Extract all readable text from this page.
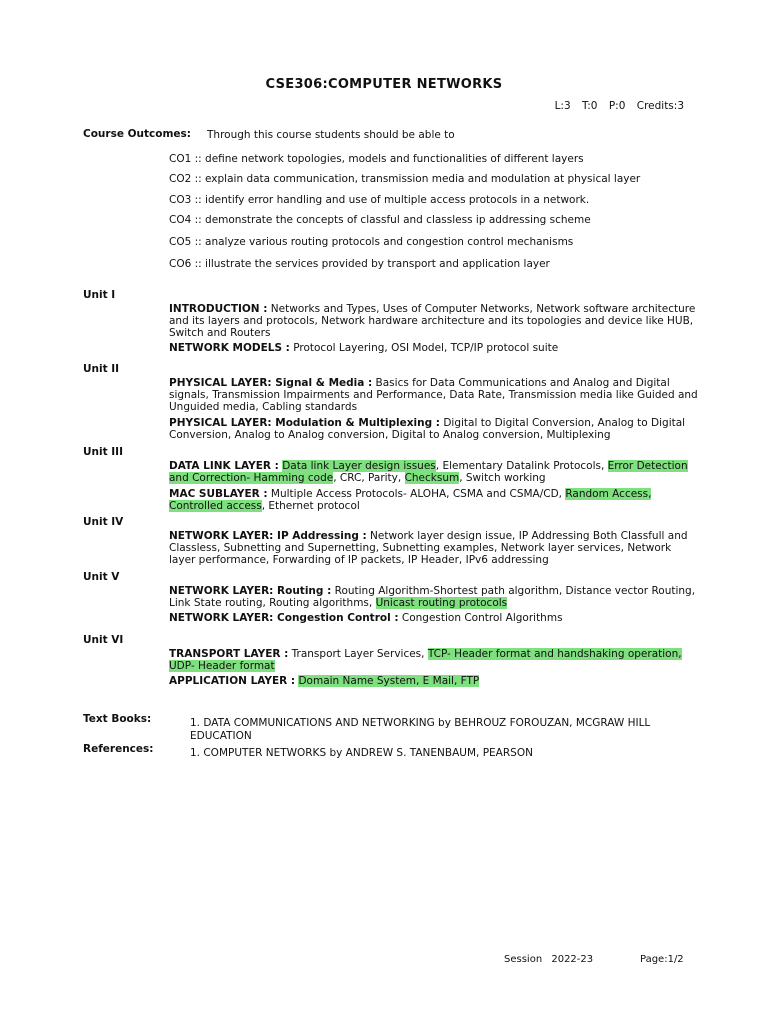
CSE306:COMPUTER NETWORKS
L:3 T:0 P:0 Credits:3
Course Outcomes: Through this course students should be able to
CO1 :: define network topologies, models and functionalities of different layers
CO2 :: explain data communication, transmission media and modulation at physical layer
CO3 :: identify error handling and use of multiple access protocols in a network.
CO4 :: demonstrate the concepts of classful and classless ip addressing scheme
CO5 :: analyze various routing protocols and congestion control mechanisms
CO6 :: illustrate the services provided by transport and application layer
Unit I
INTRODUCTION : Networks and Types, Uses of Computer Networks, Network software architecture and its layers and protocols, Network hardware architecture and its topologies and device like HUB, Switch and Routers
NETWORK MODELS : Protocol Layering, OSI Model, TCP/IP protocol suite
Unit II
PHYSICAL LAYER: Signal & Media : Basics for Data Communications and Analog and Digital signals, Transmission Impairments and Performance, Data Rate, Transmission media like Guided and Unguided media, Cabling standards
PHYSICAL LAYER: Modulation & Multiplexing : Digital to Digital Conversion, Analog to Digital Conversion, Analog to Analog conversion, Digital to Analog conversion, Multiplexing
Unit III
DATA LINK LAYER : Data link Layer design issues, Elementary Datalink Protocols, Error Detection and Correction- Hamming code, CRC, Parity, Checksum, Switch working
MAC SUBLAYER : Multiple Access Protocols- ALOHA, CSMA and CSMA/CD, Random Access, Controlled access, Ethernet protocol
Unit IV
NETWORK LAYER: IP Addressing : Network layer design issue, IP Addressing Both Classfull and Classless, Subnetting and Supernetting, Subnetting examples, Network layer services, Network layer performance, Forwarding of IP packets, IP Header, IPv6 addressing
Unit V
NETWORK LAYER: Routing : Routing Algorithm-Shortest path algorithm, Distance vector Routing, Link State routing, Routing algorithms, Unicast routing protocols
NETWORK LAYER: Congestion Control : Congestion Control Algorithms
Unit VI
TRANSPORT LAYER : Transport Layer Services, TCP- Header format and handshaking operation, UDP- Header format
APPLICATION LAYER : Domain Name System, E Mail, FTP
Text Books:	1. DATA COMMUNICATIONS AND NETWORKING by BEHROUZ FOROUZAN, MCGRAW HILL EDUCATION
References:	1. COMPUTER NETWORKS by ANDREW S. TANENBAUM, PEARSON
Session 2022-23	Page:1/2
